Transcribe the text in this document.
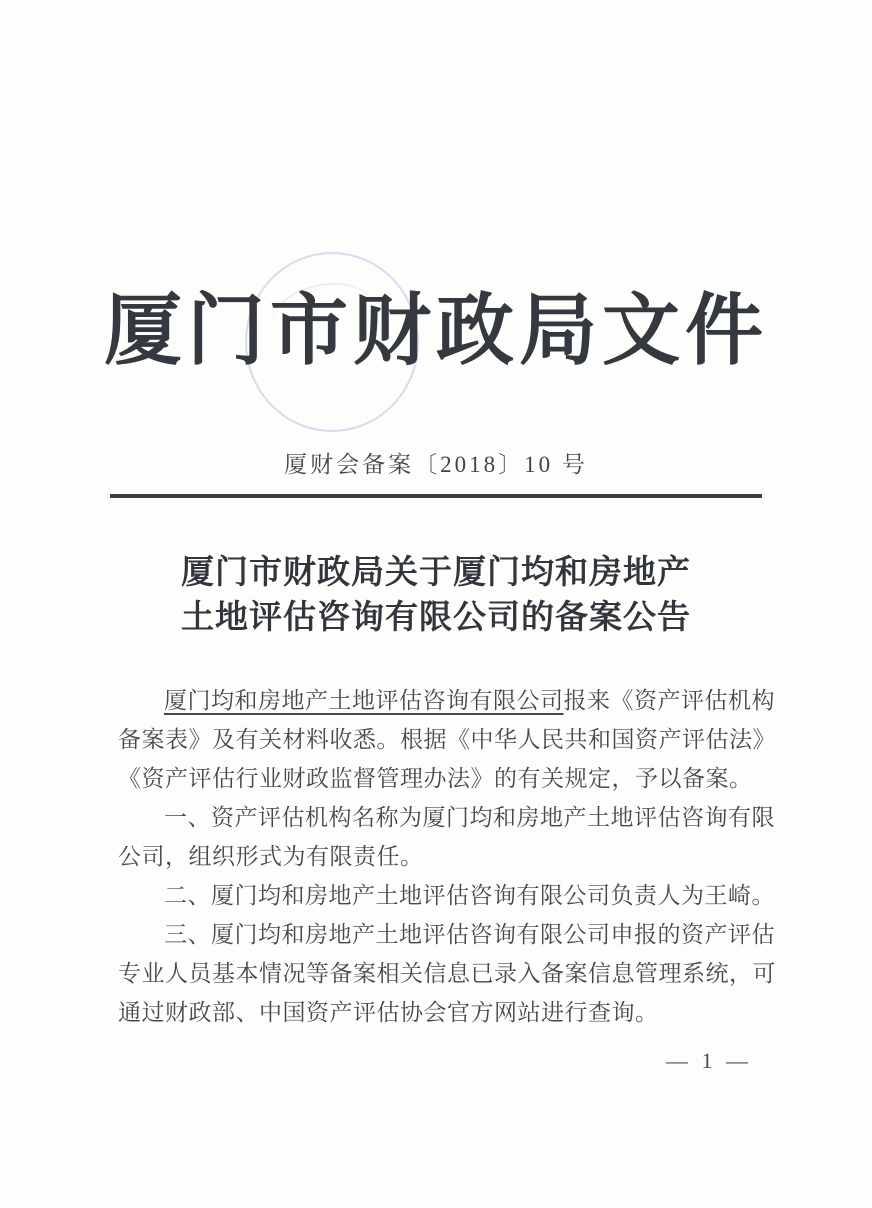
厦门市财政局文件
厦财会备案〔2018〕10 号
厦门市财政局关于厦门均和房地产
土地评估咨询有限公司的备案公告
厦门均和房地产土地评估咨询有限公司报来《资产评估机构
备案表》及有关材料收悉。根据《中华人民共和国资产评估法》
《资产评估行业财政监督管理办法》的有关规定，予以备案。
一、资产评估机构名称为厦门均和房地产土地评估咨询有限
公司，组织形式为有限责任。
二、厦门均和房地产土地评估咨询有限公司负责人为王崎。
三、厦门均和房地产土地评估咨询有限公司申报的资产评估
专业人员基本情况等备案相关信息已录入备案信息管理系统，可
通过财政部、中国资产评估协会官方网站进行查询。
— 1 —
